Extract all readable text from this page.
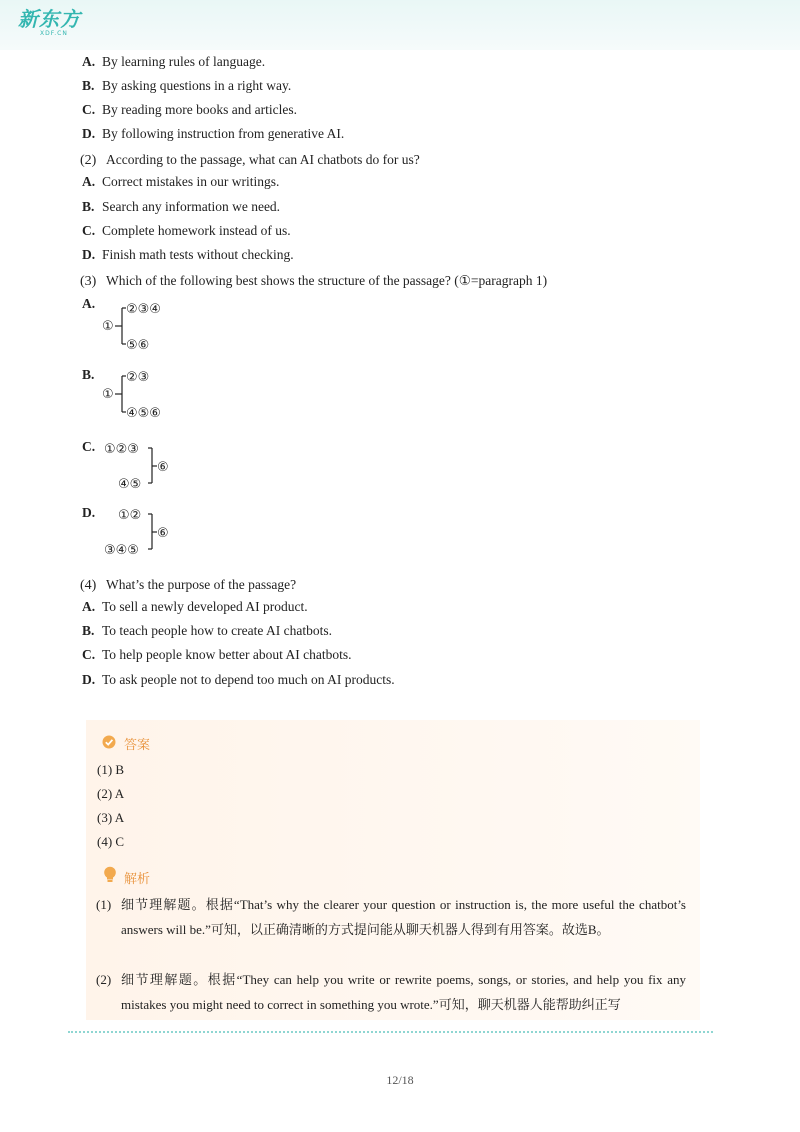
新东方
XDF.CN
A. By learning rules of language.
B. By asking questions in a right way.
C. By reading more books and articles.
D. By following instruction from generative AI.
(2) According to the passage, what can AI chatbots do for us?
A. Correct mistakes in our writings.
B. Search any information we need.
C. Complete homework instead of us.
D. Finish math tests without checking.
(3) Which of the following best shows the structure of the passage? (①=paragraph 1)
A.
①
②③④
⑤⑥
B.
①
②③
④⑤⑥
C. ①②③
④⑤
⑥
D. ①②
③④⑤
⑥
(4) What’s the purpose of the passage?
A. To sell a newly developed AI product.
B. To teach people how to create AI chatbots.
C. To help people know better about AI chatbots.
D. To ask people not to depend too much on AI products.
答案
(1) B
(2) A
(3) A
(4) C
解析
(1) 细节理解题。根据“That’s why the clearer your question or instruction is, the more useful the chatbot’s answers will be.”可知，以正确清晰的方式提问能从聊天机器人得到有用答案。故选B。
(2) 细节理解题。根据“They can help you write or rewrite poems, songs, or stories, and help you fix any mistakes you might need to correct in something you wrote.”可知，聊天机器人能帮助纠正写
12/18
